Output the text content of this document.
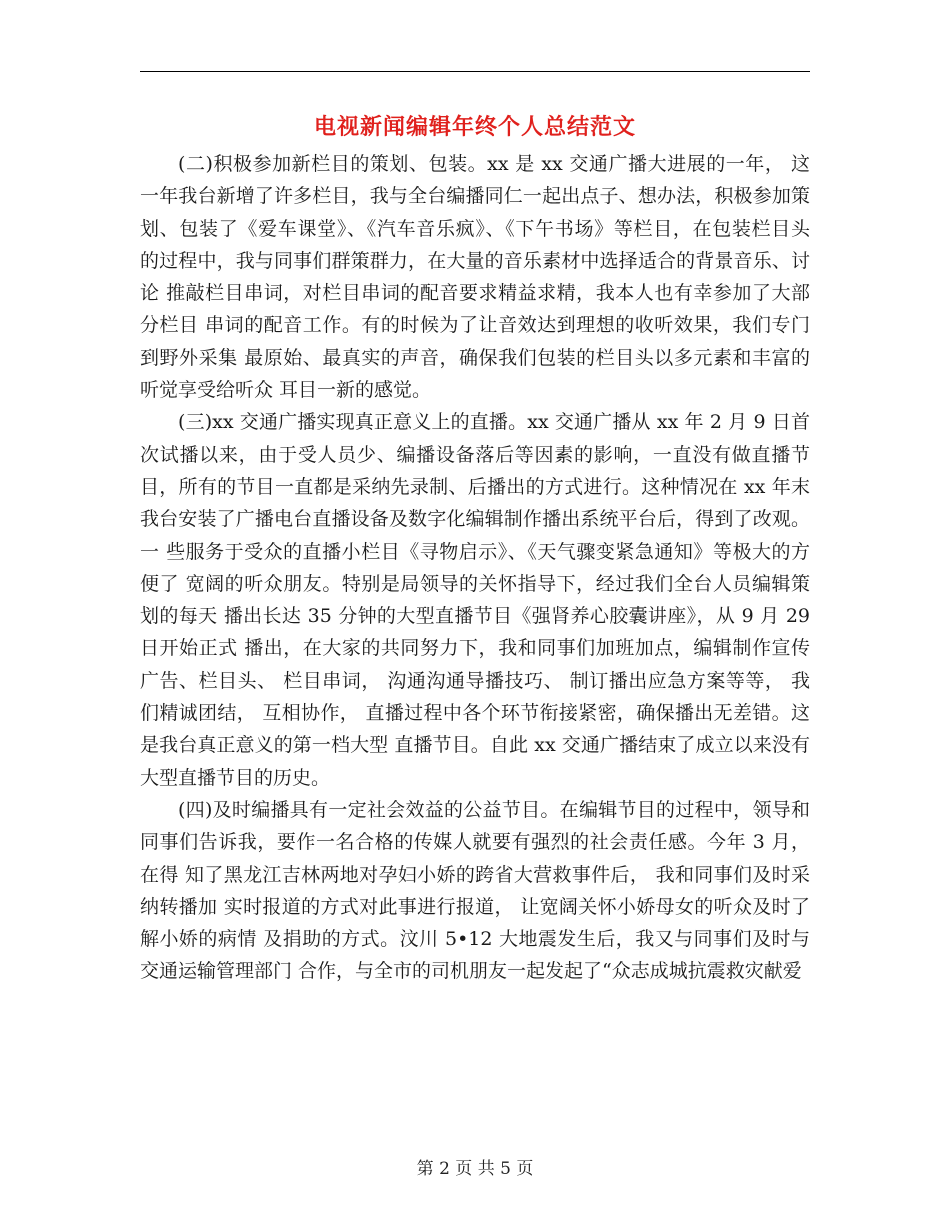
电视新闻编辑年终个人总结范文

(二)积极参加新栏目的策划、包装。xx 是 xx 交通广播大进展的一年， 这一年我台新增了许多栏目，我与全台编播同仁一起出点子、想办法，积极参加策 划、包装了《爱车课堂》、《汽车音乐疯》、《下午书场》等栏目，在包装栏目头 的过程中，我与同事们群策群力，在大量的音乐素材中选择适合的背景音乐、讨论 推敲栏目串词，对栏目串词的配音要求精益求精，我本人也有幸参加了大部分栏目 串词的配音工作。有的时候为了让音效达到理想的收听效果，我们专门到野外采集 最原始、最真实的声音，确保我们包装的栏目头以多元素和丰富的听觉享受给听众 耳目一新的感觉。

(三)xx 交通广播实现真正意义上的直播。xx 交通广播从 xx 年 2 月 9 日首次试播以来，由于受人员少、编播设备落后等因素的影响，一直没有做直播节 目，所有的节目一直都是采纳先录制、后播出的方式进行。这种情况在 xx 年末 我台安装了广播电台直播设备及数字化编辑制作播出系统平台后，得到了改观。一 些服务于受众的直播小栏目《寻物启示》、《天气骤变紧急通知》等极大的方便了 宽阔的听众朋友。特别是局领导的关怀指导下，经过我们全台人员编辑策划的每天 播出长达 35 分钟的大型直播节目《强肾养心胶囊讲座》，从 9 月 29 日开始正式 播出，在大家的共同努力下，我和同事们加班加点，编辑制作宣传广告、栏目头、 栏目串词， 沟通沟通导播技巧、 制订播出应急方案等等， 我们精诚团结， 互相协作， 直播过程中各个环节衔接紧密，确保播出无差错。这是我台真正意义的第一档大型 直播节目。自此 xx 交通广播结束了成立以来没有大型直播节目的历史。

(四)及时编播具有一定社会效益的公益节目。在编辑节目的过程中，领导和 同事们告诉我，要作一名合格的传媒人就要有强烈的社会责任感。今年 3 月，在得 知了黑龙江吉林两地对孕妇小娇的跨省大营救事件后， 我和同事们及时采纳转播加 实时报道的方式对此事进行报道， 让宽阔关怀小娇母女的听众及时了解小娇的病情 及捐助的方式。汶川 5•12 大地震发生后，我又与同事们及时与交通运输管理部门 合作，与全市的司机朋友一起发起了“众志成城抗震救灾献爱

第 2 页 共 5 页
